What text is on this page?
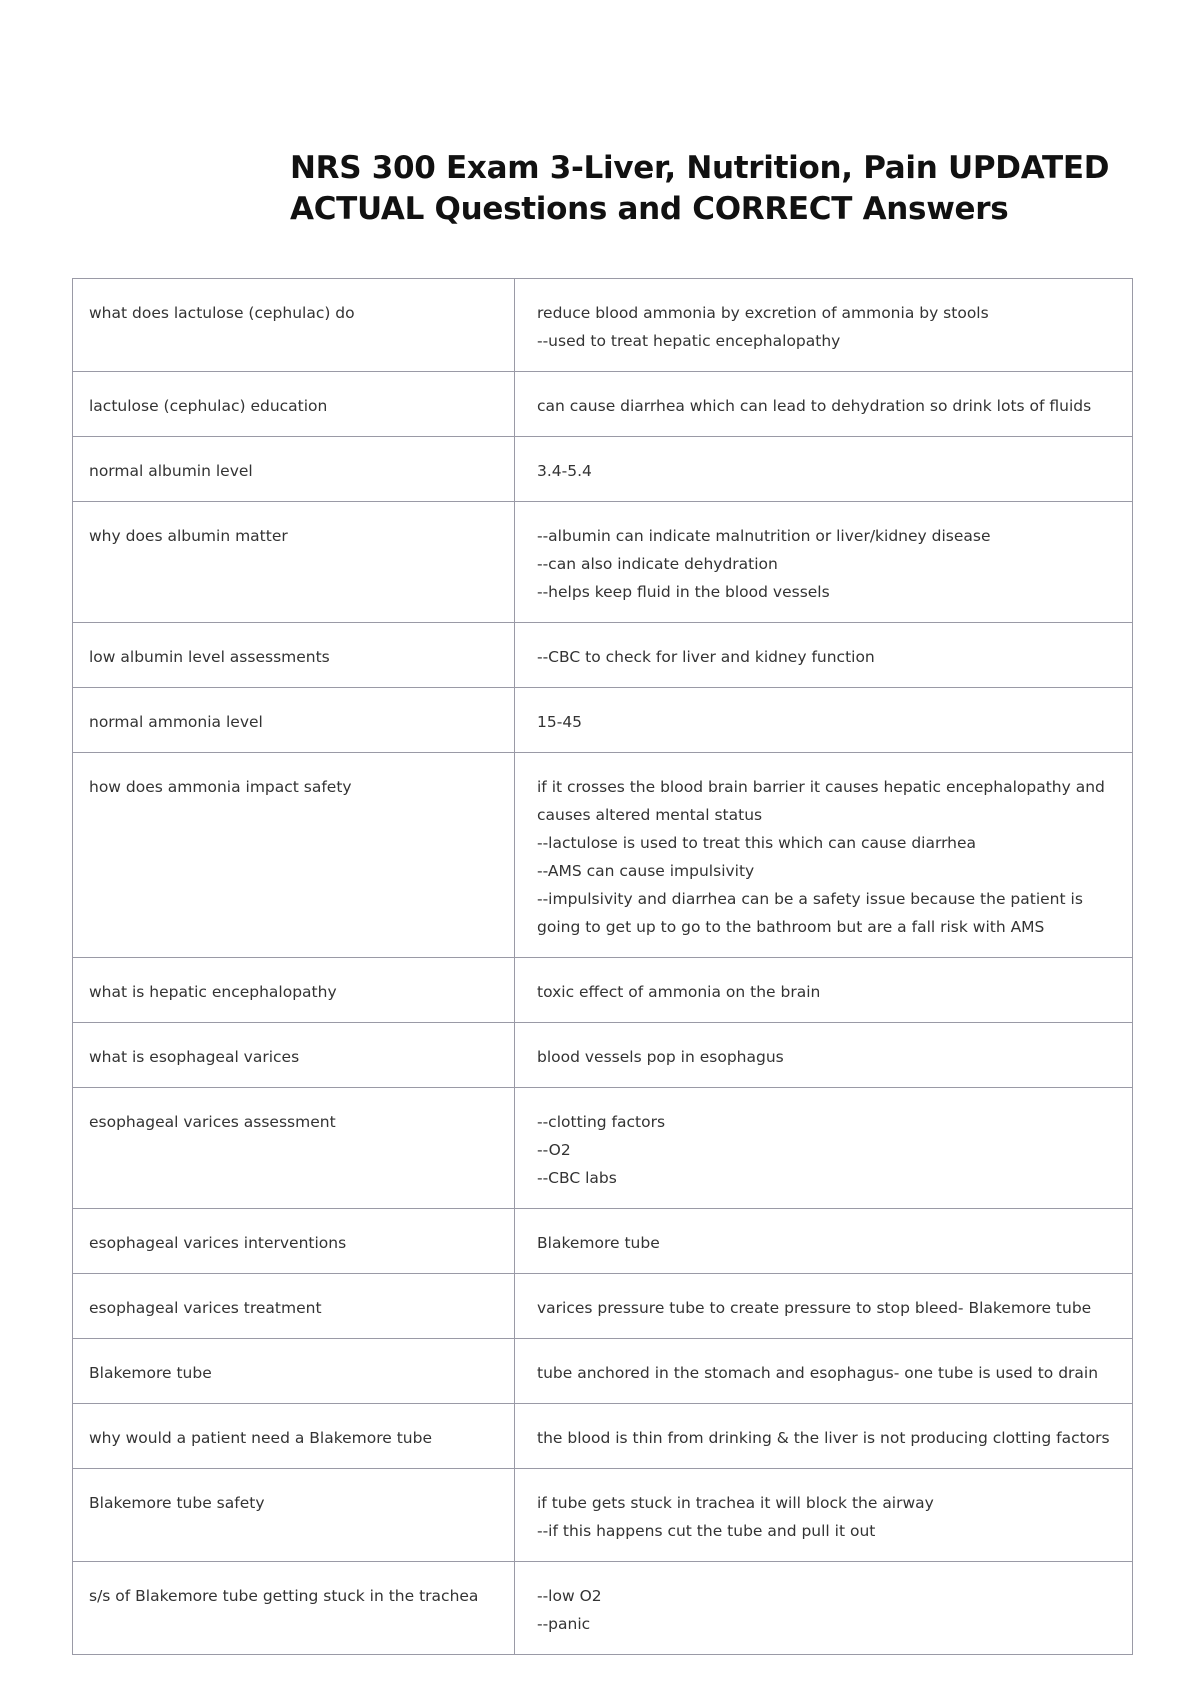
NRS 300 Exam 3-Liver, Nutrition, Pain UPDATED ACTUAL Questions and CORRECT Answers
what does lactulose (cephulac) do	reduce blood ammonia by excretion of ammonia by stools
--used to treat hepatic encephalopathy

lactulose (cephulac) education	can cause diarrhea which can lead to dehydration so drink lots of fluids

normal albumin level	3.4-5.4

why does albumin matter	--albumin can indicate malnutrition or liver/kidney disease
--can also indicate dehydration
--helps keep fluid in the blood vessels

low albumin level assessments	--CBC to check for liver and kidney function

normal ammonia level	15-45

how does ammonia impact safety	if it crosses the blood brain barrier it causes hepatic encephalopathy and causes altered mental status
--lactulose is used to treat this which can cause diarrhea
--AMS can cause impulsivity
--impulsivity and diarrhea can be a safety issue because the patient is going to get up to go to the bathroom but are a fall risk with AMS

what is hepatic encephalopathy	toxic effect of ammonia on the brain

what is esophageal varices	blood vessels pop in esophagus

esophageal varices assessment	--clotting factors
--O2
--CBC labs

esophageal varices interventions	Blakemore tube

esophageal varices treatment	varices pressure tube to create pressure to stop bleed- Blakemore tube

Blakemore tube	tube anchored in the stomach and esophagus- one tube is used to drain

why would a patient need a Blakemore tube	the blood is thin from drinking & the liver is not producing clotting factors

Blakemore tube safety	if tube gets stuck in trachea it will block the airway
--if this happens cut the tube and pull it out

s/s of Blakemore tube getting stuck in the trachea	--low O2
--panic
